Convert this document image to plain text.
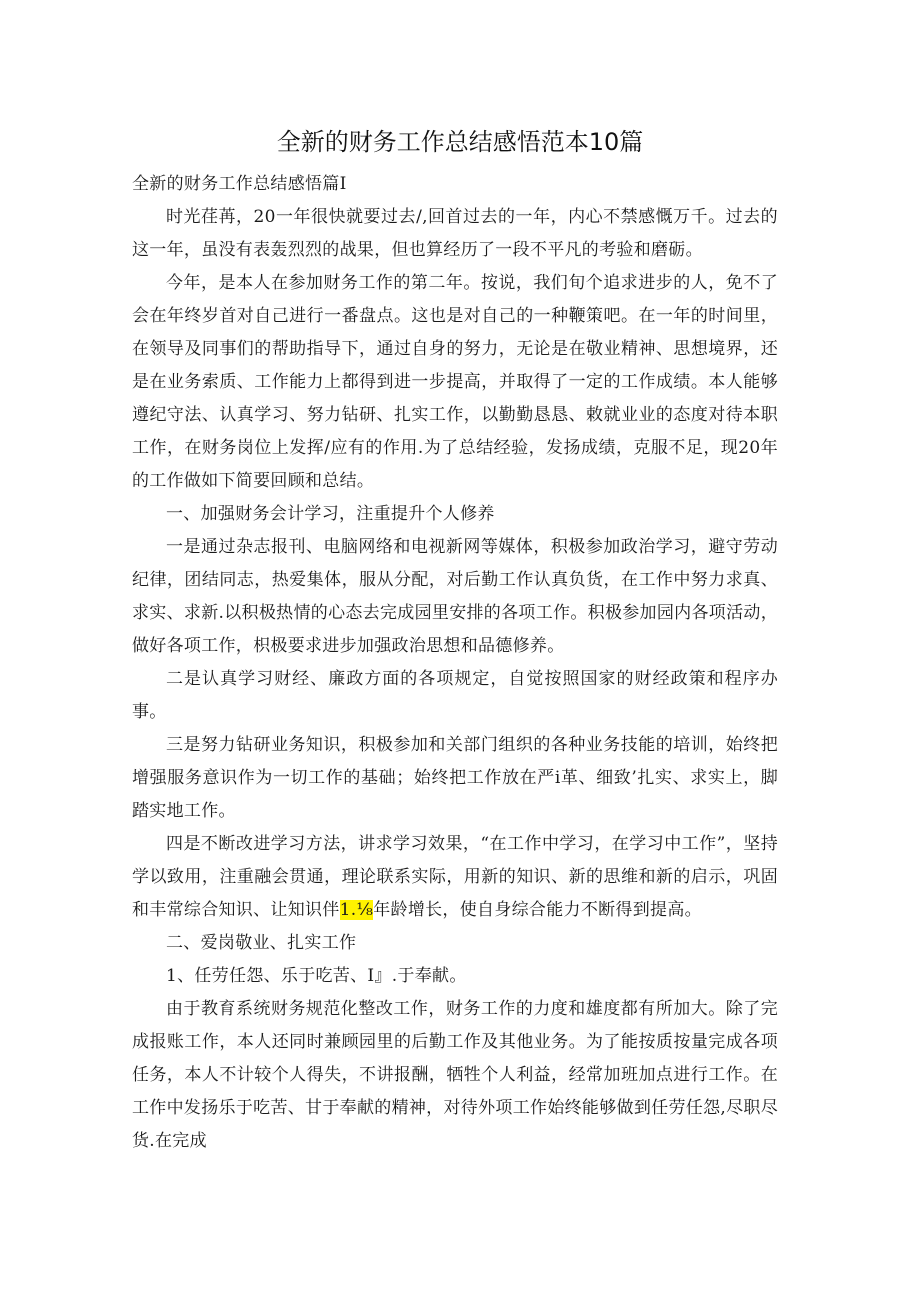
全新的财务工作总结感悟范本10篇

全新的财务工作总结感悟篇I

时光荏苒，20一年很快就要过去/,回首过去的一年，内心不禁感慨万千。过去的这一年，虽没有表轰烈烈的战果，但也算经历了一段不平凡的考验和磨砺。

今年，是本人在参加财务工作的第二年。按说，我们旬个追求进步的人，免不了会在年终岁首对自己进行一番盘点。这也是对自己的一种鞭策吧。在一年的时间里，在领导及同事们的帮助指导下，通过自身的努力，无论是在敬业精神、思想境界，还是在业务索质、工作能力上都得到进一步提高，并取得了一定的工作成绩。本人能够遵纪守法、认真学习、努力钻研、扎实工作，以勤勤恳恳、敕就业业的态度对待本职工作，在财务岗位上发挥/应有的作用.为了总结经验，发扬成绩，克服不足，现20年的工作做如下简要回顾和总结。

一、加强财务会计学习，注重提升个人修养

一是通过杂志报刊、电脑网络和电视新网等媒体，积极参加政治学习，避守劳动纪律，团结同志，热爱集体，服从分配，对后勤工作认真负货，在工作中努力求真、求实、求新.以积极热情的心态去完成园里安排的各项工作。积极参加园内各项活动，做好各项工作，枳极要求进步加强政治思想和品德修养。

二是认真学习财经、廉政方面的各项规定，自觉按照国家的财经政策和程序办事。

三是努力钻研业务知识，积极参加和关部门组织的各种业务技能的培训，始终把增强服务意识作为一切工作的基础；始终把工作放在严i革、细致’扎实、求实上，脚踏实地工作。

四是不断改进学习方法，讲求学习效果，“在工作中学习，在学习中工作”，坚持学以致用，注重融会贯通，理论联系实际，用新的知识、新的思维和新的启示，巩固和丰常综合知识、让知识伴1.⅛年龄增长，使自身综合能力不断得到提高。

二、爱岗敬业、扎实工作

1、任劳任怨、乐于吃苦、I』.于奉献。

由于教育系统财务规范化整改工作，财务工作的力度和雄度都有所加大。除了完成报账工作，本人还同时兼顾园里的后勤工作及其他业务。为了能按质按量完成各项任务，本人不计较个人得失，不讲报酬，牺牲个人利益，经常加班加点进行工作。在工作中发扬乐于吃苦、甘于奉献的精神，对待外项工作始终能够做到任劳任怨,尽职尽货.在完成
